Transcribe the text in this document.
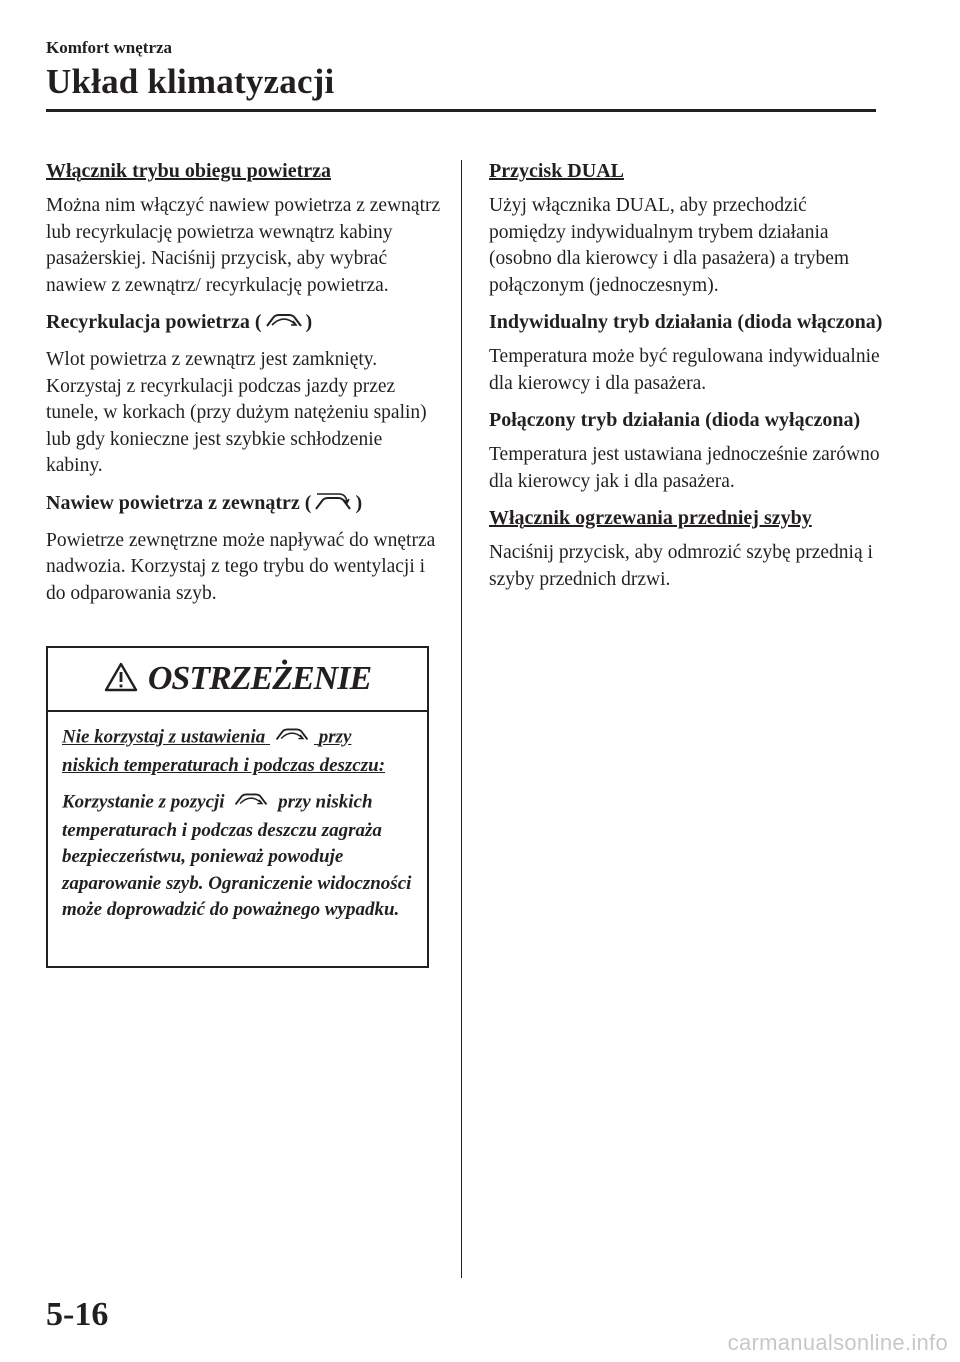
Komfort wnętrza
Układ klimatyzacji
Włącznik trybu obiegu powietrza

Można nim włączyć nawiew powietrza z zewnątrz lub recyrkulację powietrza wewnątrz kabiny pasażerskiej. Naciśnij przycisk, aby wybrać nawiew z zewnątrz/ recyrkulację powietrza.

Recyrkulacja powietrza ( )

Wlot powietrza z zewnątrz jest zamknięty. Korzystaj z recyrkulacji podczas jazdy przez tunele, w korkach (przy dużym natężeniu spalin) lub gdy konieczne jest szybkie schłodzenie kabiny.

Nawiew powietrza z zewnątrz ( )

Powietrze zewnętrzne może napływać do wnętrza nadwozia. Korzystaj z tego trybu do wentylacji i do odparowania szyb.

OSTRZEŻENIE

Nie korzystaj z ustawienia	przy niskich temperaturach i podczas deszczu:

Korzystanie z pozycji	przy niskich temperaturach i podczas deszczu zagraża bezpieczeństwu, ponieważ powoduje zaparowanie szyb. Ograniczenie widoczności może doprowadzić do poważnego wypadku.

Przycisk DUAL

Użyj włącznika DUAL, aby przechodzić pomiędzy indywidualnym trybem działania (osobno dla kierowcy i dla pasażera) a trybem połączonym (jednoczesnym).

Indywidualny tryb działania (dioda włączona)

Temperatura może być regulowana indywidualnie dla kierowcy i dla pasażera.

Połączony tryb działania (dioda wyłączona)

Temperatura jest ustawiana jednocześnie zarówno dla kierowcy jak i dla pasażera.

Włącznik ogrzewania przedniej szyby

Naciśnij przycisk, aby odmrozić szybę przednią i szyby przednich drzwi.

5-16
carmanualsonline.info
